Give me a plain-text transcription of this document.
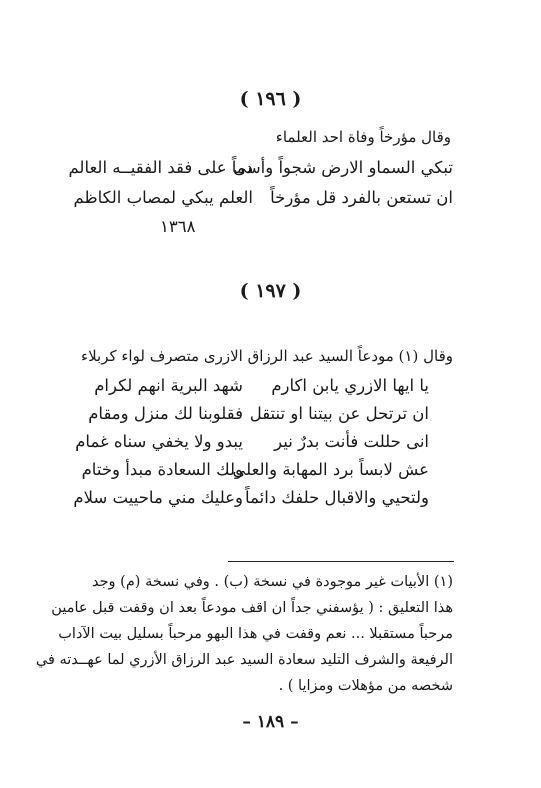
( ١٩٦ )
وقال مؤرخاً وفاة احد العلماء
تبكي السماو الارض شجواً وأسى
دماً على فقد الفقيــه العالم
ان تستعن بالفرد قل مؤرخاً
العلم يبكي لمصاب الكاظم
١٣٦٨
( ١٩٧ )
وقال (١) مودعاً السيد عبد الرزاق الازرى متصرف لواء كربلاء
يا ايها الازري يابن اكارم
شهد البرية انهم لكرام
ان ترتحل عن بيتنا او تنتقل
فقلوبنا لك منزل ومقام
انى حللت فأنت بدرٌ نير
يبدو ولا يخفي سناه غمام
عش لابساً برد المهابة والعلى
ولك السعادة مبدأ وختام
ولتحيي والاقبال حلفك دائماً
وعليك مني ماحييت سلام
(١) الأبيات غير موجودة في نسخة (ب) . وفي نسخة (م) وجد
هذا التعليق : ( يؤسفني جداً ان اقف مودعاً بعد ان وقفت قبل عامين
مرحباً مستقبلا ... نعم وقفت في هذا البهو مرحباً بسليل بيت الآداب
الرفيعة والشرف التليد سعادة السيد عبد الرزاق الأزري لما عهــدته في
شخصه من مؤهلات ومزايا ) .
– ١٨٩ –
